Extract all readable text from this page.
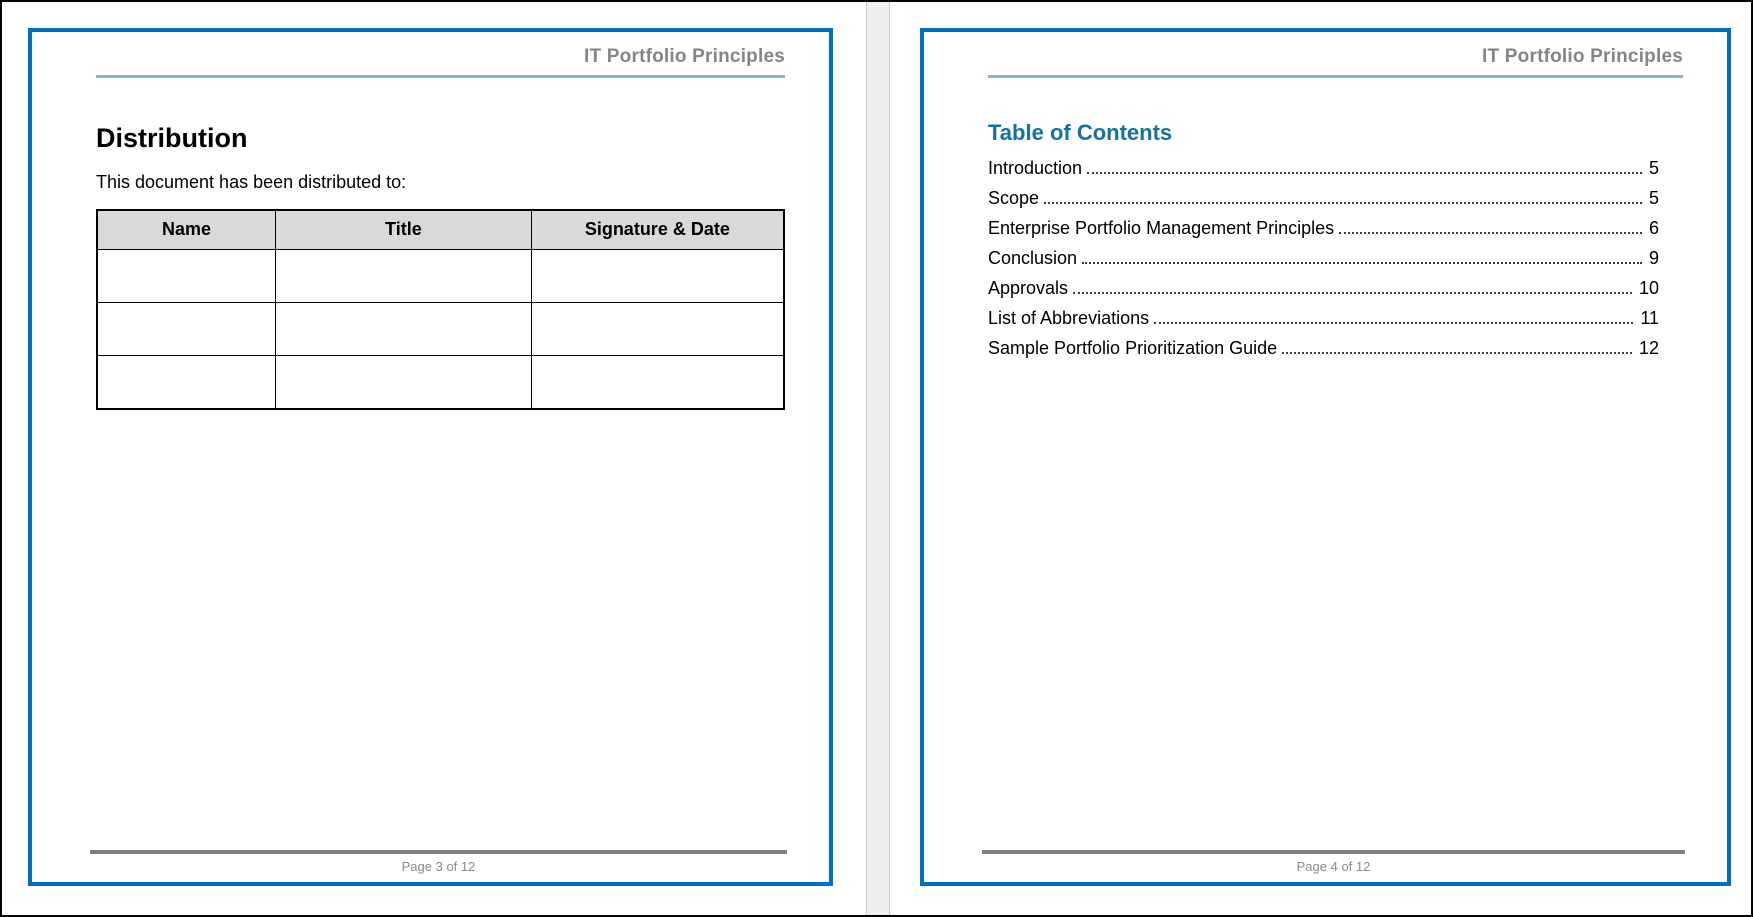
IT Portfolio Principles
Distribution

This document has been distributed to:

Name	Title	Signature & Date

Page 3 of 12
IT Portfolio Principles
Table of Contents
Introduction	5
Scope	5
Enterprise Portfolio Management Principles	6
Conclusion	9
Approvals	10
List of Abbreviations	11
Sample Portfolio Prioritization Guide	12
Page 4 of 12
